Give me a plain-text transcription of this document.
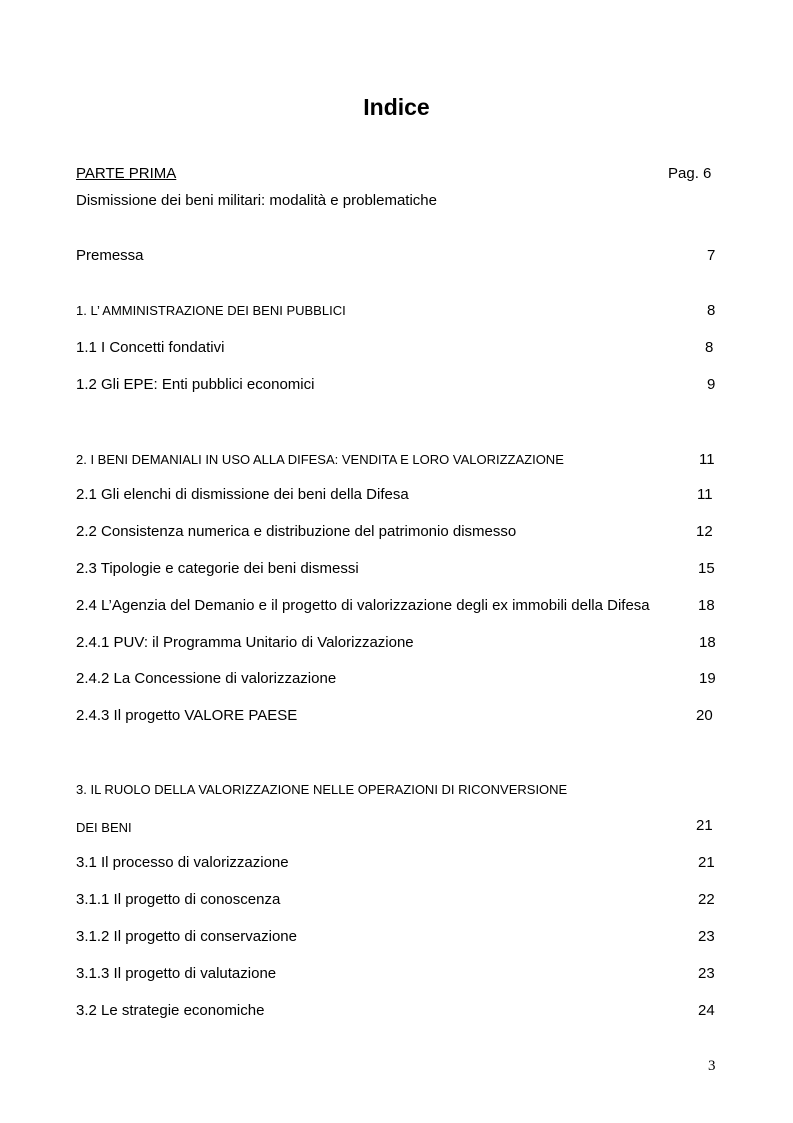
Indice
PARTE PRIMA	Pag. 6
Dismissione dei beni militari: modalità e problematiche
Premessa	7
1. L’ AMMINISTRAZIONE DEI BENI PUBBLICI	8
1.1 I Concetti fondativi	8
1.2 Gli EPE: Enti pubblici economici	9
2. I BENI DEMANIALI IN USO ALLA DIFESA: VENDITA E LORO VALORIZZAZIONE	11
2.1 Gli elenchi di dismissione dei beni della Difesa	11
2.2 Consistenza numerica e distribuzione del patrimonio dismesso	12
2.3 Tipologie e categorie dei beni dismessi	15
2.4 L’Agenzia del Demanio e il progetto di valorizzazione degli ex immobili della Difesa	18
2.4.1 PUV: il Programma Unitario di Valorizzazione	18
2.4.2 La Concessione di valorizzazione	19
2.4.3 Il progetto VALORE PAESE	20
3. IL RUOLO DELLA VALORIZZAZIONE NELLE OPERAZIONI DI RICONVERSIONE
DEI BENI	21
3.1 Il processo di valorizzazione	21
3.1.1 Il progetto di conoscenza	22
3.1.2 Il progetto di conservazione	23
3.1.3 Il progetto di valutazione	23
3.2 Le strategie economiche	24
3
